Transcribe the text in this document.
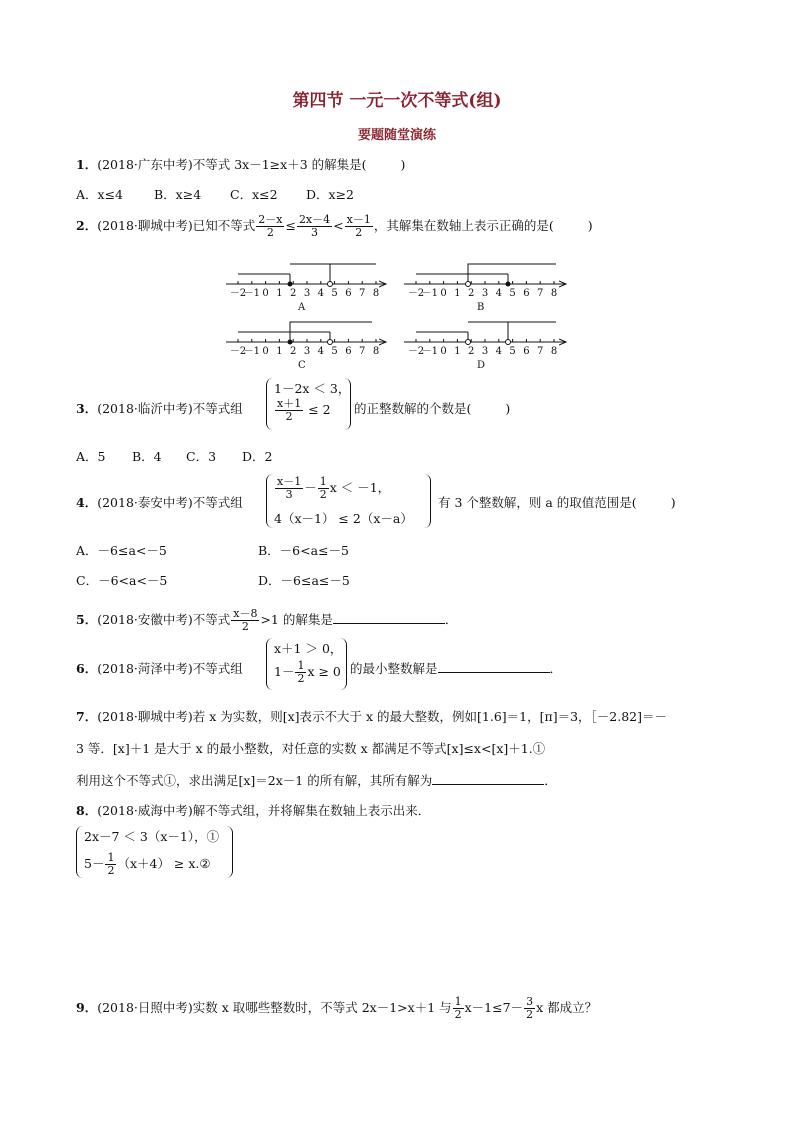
第四节 一元一次不等式(组)
要题随堂演练
1．(2018·广东中考)不等式 3x－1≥x＋3 的解集是(	)
A．x≤4 B．x≥4 C．x≤2 D．x≥2
2．(2018·聊城中考)已知不等式 $\frac{2-x}{2} \le \frac{2x-4}{3} < \frac{x-1}{2}$ ，其解集在数轴上表示正确的是(	)
A	B
C	D
－2
－1 0 1 2 3 4 5 6 7 8	－2
－1 0 1 2 3 4 5 6 7 8
－2
－1 0 1 2 3 4 5 6 7 8	－2
－1 0 1 2 3 4 5 6 7 8
3．(2018·临沂中考)不等式组
1－2x ＜ 3，
$\frac{x+1}{2} \le 2$ 的正整数解的个数是(	)
A．5 B．4 C．3 D．2
4．(2018·泰安中考)不等式组
$\frac{x-1}{3} - \frac{1}{2}$ x ＜ －1，
4（x－1） ≤ 2（x－a）
有 3 个整数解，则 a 的取值范围是(	)
A．－6≤a<－5	B．－6<a≤－5
C．－6<a<－5	D．－6≤a≤－5
5．(2018·安徽中考)不等式 $\frac{x-8}{2} >1$ 的解集是	．
6．(2018·菏泽中考)不等式组
x＋1 ＞ 0，
$1- \frac{1}{2}$ x ≥ 0 的最小整数解是	．
7．(2018·聊城中考)若 x 为实数，则[x]表示不大于 x 的最大整数，例如[1.6]＝1，[π]＝3，［－2.82]＝－
3 等．[x]＋1 是大于 x 的最小整数，对任意的实数 x 都满足不等式[x]≤x<[x]＋1.①
利用这个不等式①，求出满足[x]＝2x－1 的所有解，其所有解为	．
8．(2018·威海中考)解不等式组，并将解集在数轴上表示出来．
2x－7 ＜ 3（x－1），①
$5- \frac{1}{2} (x+4)$ ≥ x.②
9．(2018·日照中考)实数 x 取哪些整数时，不等式 2x－1>x＋1 与 $\frac{1}{2} x-1\le 7- \frac{3}{2}$ x 都成立？
